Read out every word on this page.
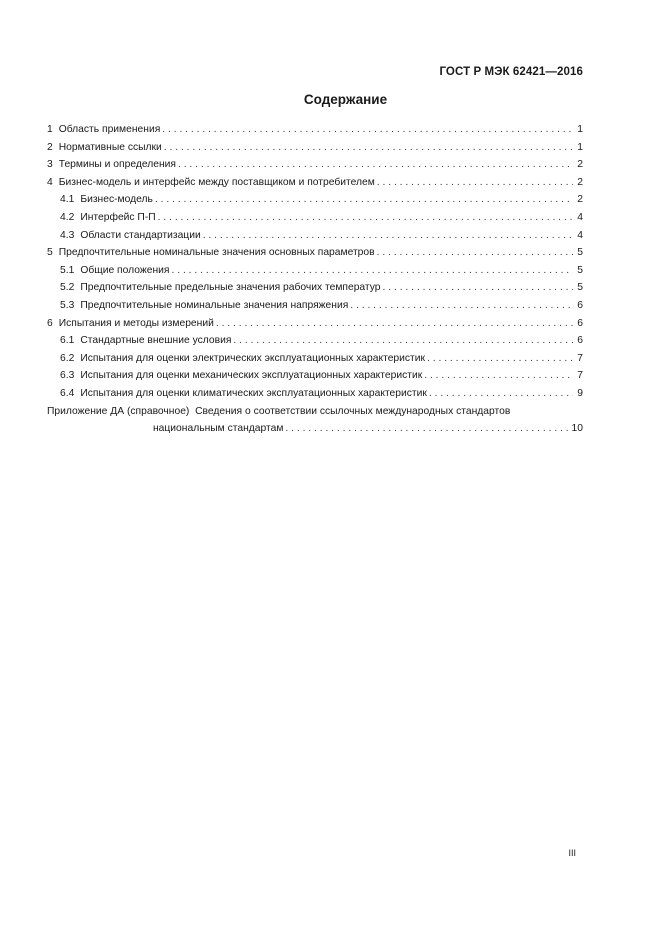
ГОСТ Р МЭК 62421—2016
Содержание
1 Область применения . . .	1
2 Нормативные ссылки . . .	1
3 Термины и определения . . .	2
4 Бизнес-модель и интерфейс между поставщиком и потребителем . . .	2
4.1 Бизнес-модель . . .	2
4.2 Интерфейс П-П . . .	4
4.3 Области стандартизации . . .	4
5 Предпочтительные номинальные значения основных параметров . . .	5
5.1 Общие положения . . .	5
5.2 Предпочтительные предельные значения рабочих температур . . .	5
5.3 Предпочтительные номинальные значения напряжения . . .	6
6 Испытания и методы измерений . . .	6
6.1 Стандартные внешние условия . . .	6
6.2 Испытания для оценки электрических эксплуатационных характеристик . . .	7
6.3 Испытания для оценки механических эксплуатационных характеристик . . .	7
6.4 Испытания для оценки климатических эксплуатационных характеристик . . .	9
Приложение ДА (справочное) Сведения о соответствии ссылочных международных стандартов
национальным стандартам . . .	10
III
